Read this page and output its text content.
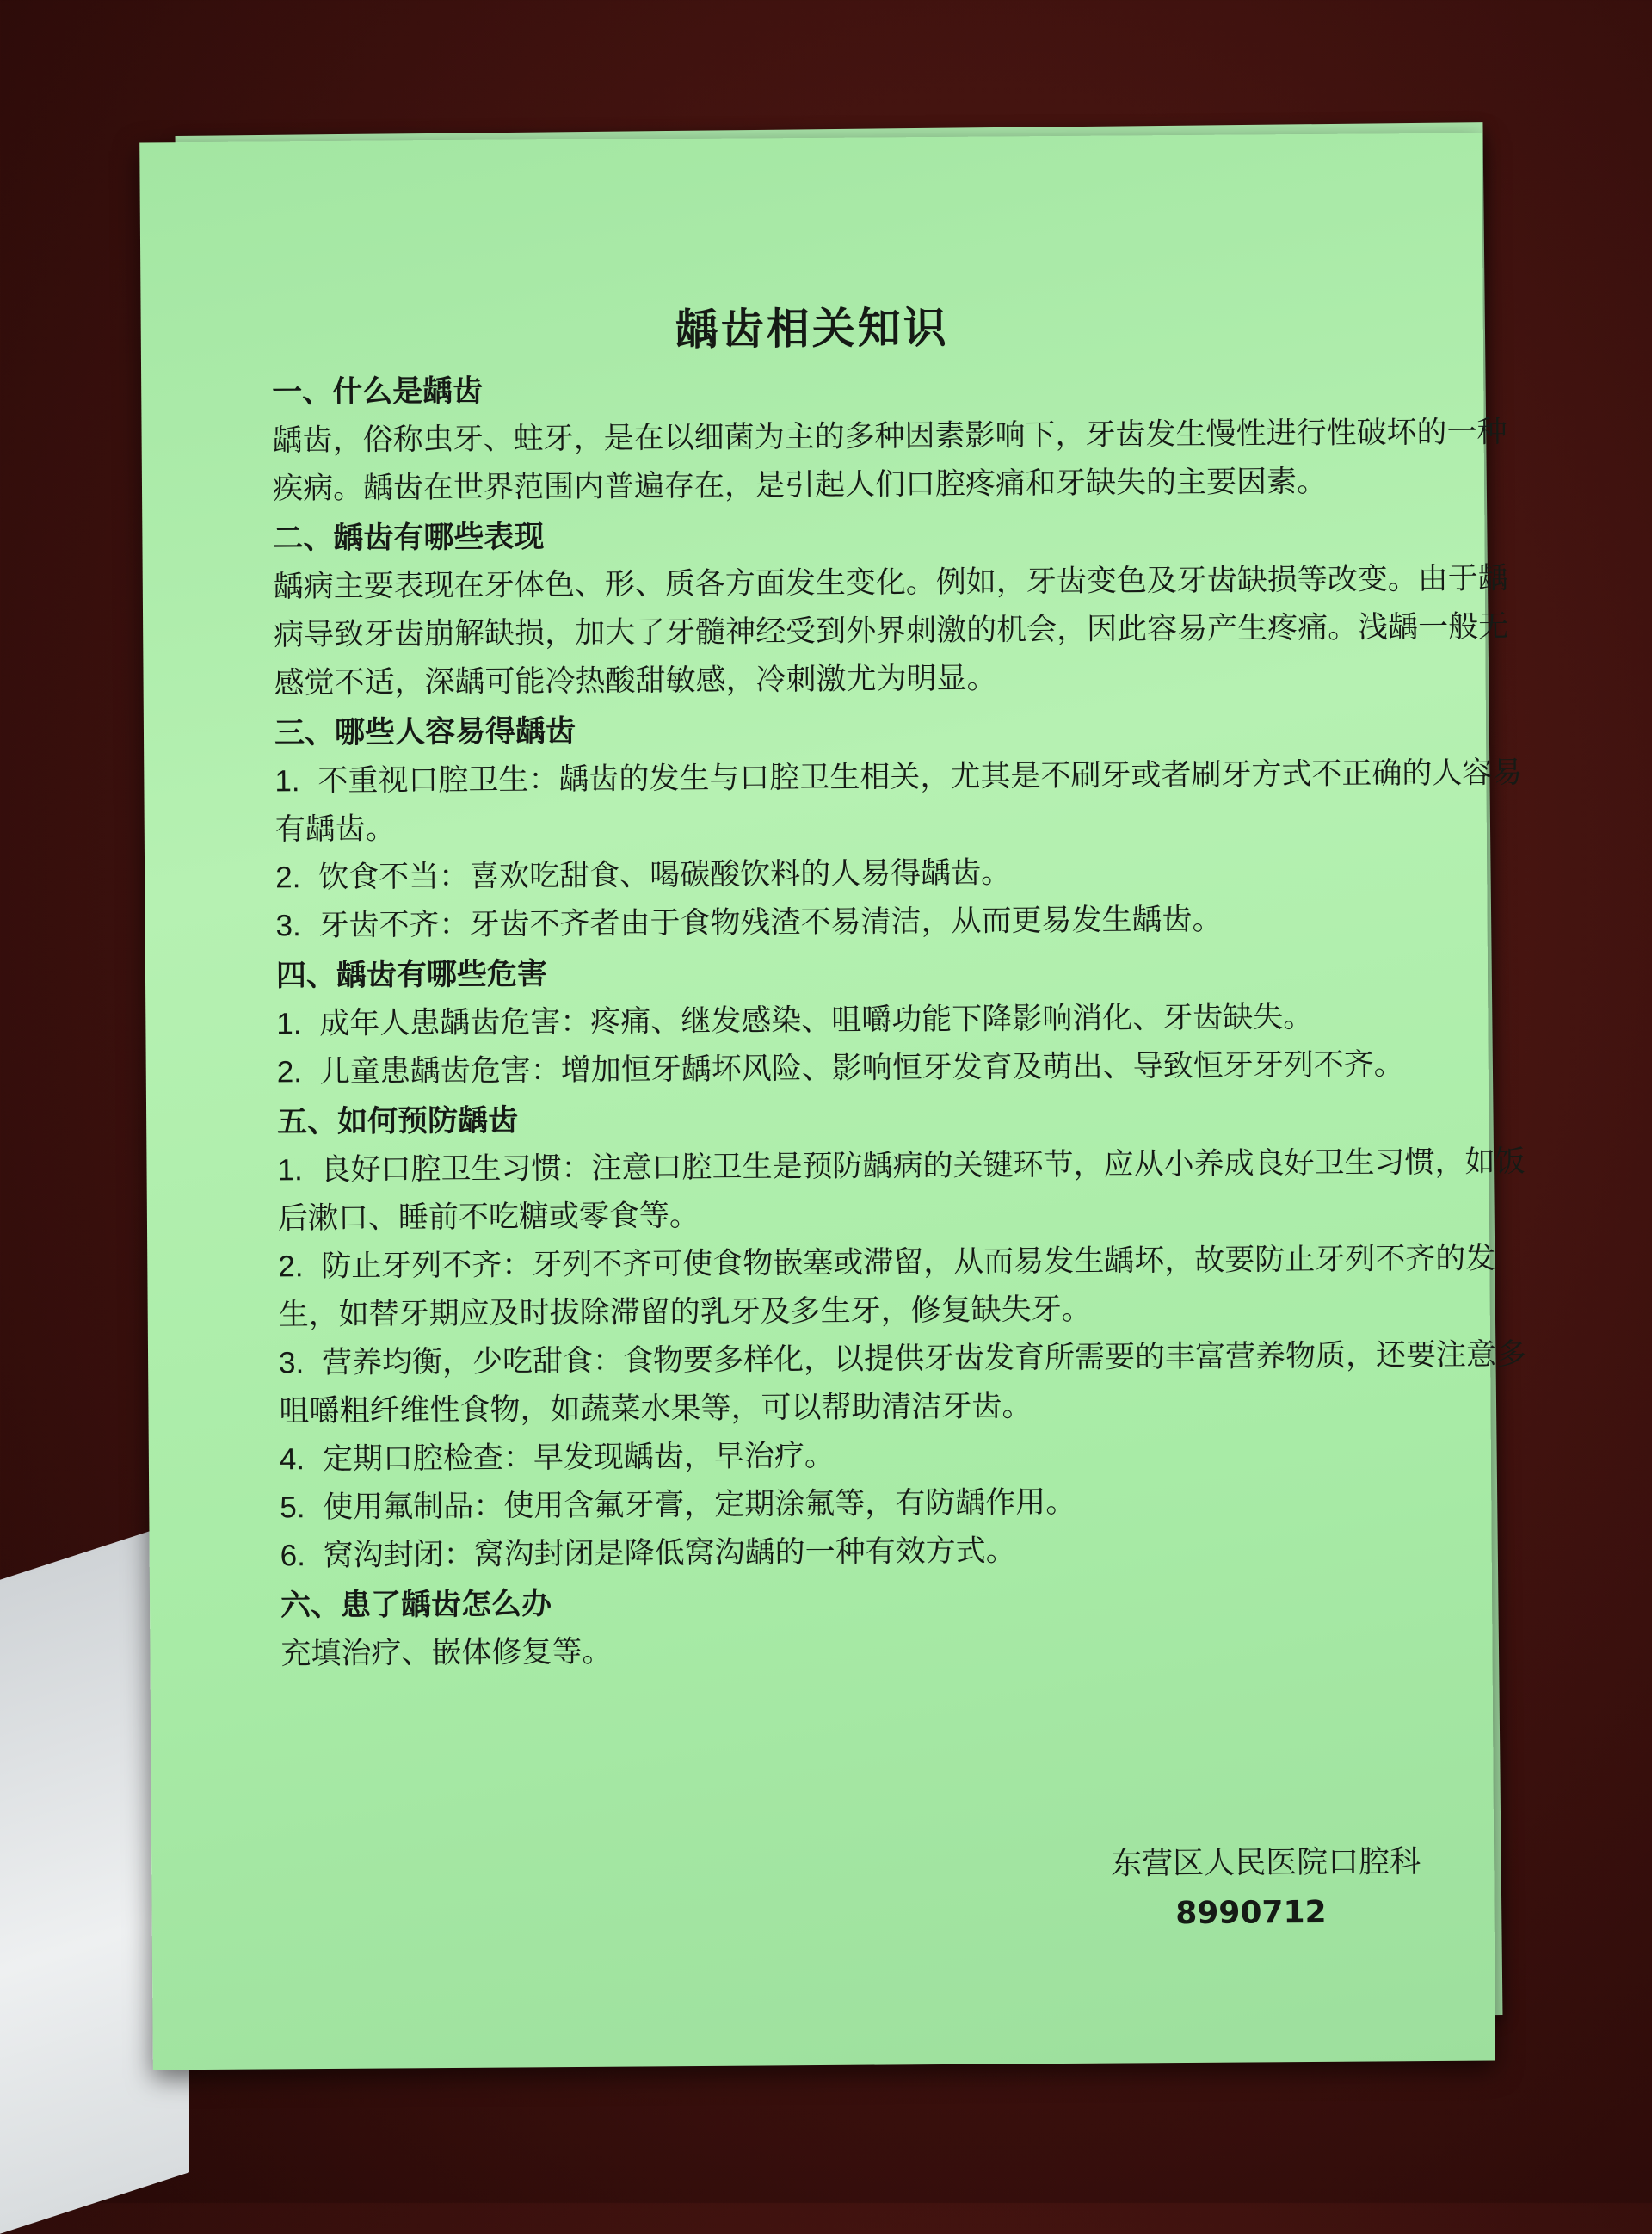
龋齿相关知识
一、什么是龋齿

龋齿，俗称虫牙、蛀牙，是在以细菌为主的多种因素影响下，牙齿发生慢性进行性破坏的一种疾病。龋齿在世界范围内普遍存在，是引起人们口腔疼痛和牙缺失的主要因素。

二、龋齿有哪些表现

龋病主要表现在牙体色、形、质各方面发生变化。例如，牙齿变色及牙齿缺损等改变。由于龋病导致牙齿崩解缺损，加大了牙髓神经受到外界刺激的机会，因此容易产生疼痛。浅龋一般无感觉不适，深龋可能冷热酸甜敏感，冷刺激尤为明显。

三、哪些人容易得龋齿

1. 不重视口腔卫生：龋齿的发生与口腔卫生相关，尤其是不刷牙或者刷牙方式不正确的人容易有龋齿。

2. 饮食不当：喜欢吃甜食、喝碳酸饮料的人易得龋齿。

3. 牙齿不齐：牙齿不齐者由于食物残渣不易清洁，从而更易发生龋齿。

四、龋齿有哪些危害

1. 成年人患龋齿危害：疼痛、继发感染、咀嚼功能下降影响消化、牙齿缺失。

2. 儿童患龋齿危害：增加恒牙龋坏风险、影响恒牙发育及萌出、导致恒牙牙列不齐。

五、如何预防龋齿

1. 良好口腔卫生习惯：注意口腔卫生是预防龋病的关键环节，应从小养成良好卫生习惯，如饭后漱口、睡前不吃糖或零食等。

2. 防止牙列不齐：牙列不齐可使食物嵌塞或滞留，从而易发生龋坏，故要防止牙列不齐的发生，如替牙期应及时拔除滞留的乳牙及多生牙，修复缺失牙。

3. 营养均衡，少吃甜食：食物要多样化，以提供牙齿发育所需要的丰富营养物质，还要注意多咀嚼粗纤维性食物，如蔬菜水果等，可以帮助清洁牙齿。

4. 定期口腔检查：早发现龋齿，早治疗。

5. 使用氟制品：使用含氟牙膏，定期涂氟等，有防龋作用。

6. 窝沟封闭：窝沟封闭是降低窝沟龋的一种有效方式。

六、患了龋齿怎么办

充填治疗、嵌体修复等。

东营区人民医院口腔科
8990712
